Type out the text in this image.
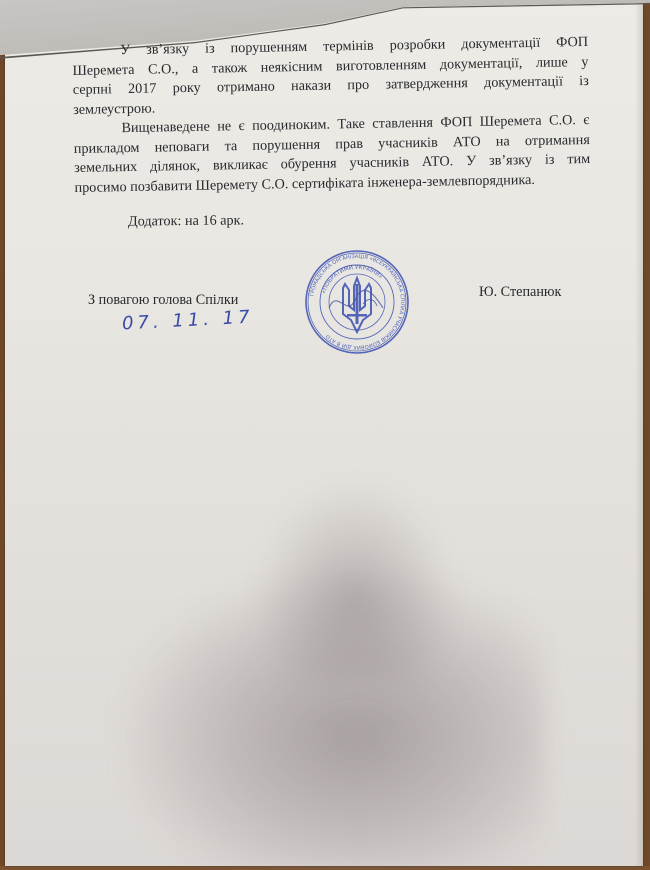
У зв’язку із порушенням термінів розробки документації ФОП
Шеремета С.О., а також неякісним виготовленням документації, лише у
серпні 2017 року отримано накази про затвердження документації із
землеустрою.

Вищенаведене не є поодиноким. Таке ставлення ФОП Шеремета С.О. є
прикладом неповаги та порушення прав учасників АТО на отримання
земельних ділянок, викликає обурення учасників АТО. У зв’язку із тим
просимо позбавити Шеремету С.О. сертифіката інженера-землевпорядника.

Додаток: на 16 арк.
З повагою голова Спілки
07. 11. 17
Ю. Степанюк
ГРОМАДСЬКА ОРГАНІЗАЦІЯ «ВСЕУКРАЇНСЬКА СПІЛКА УЧАСНИКІВ БОЙОВИХ ДІЙ В АТО
«ПОБРАТИМИ УКРАЇНИ»
